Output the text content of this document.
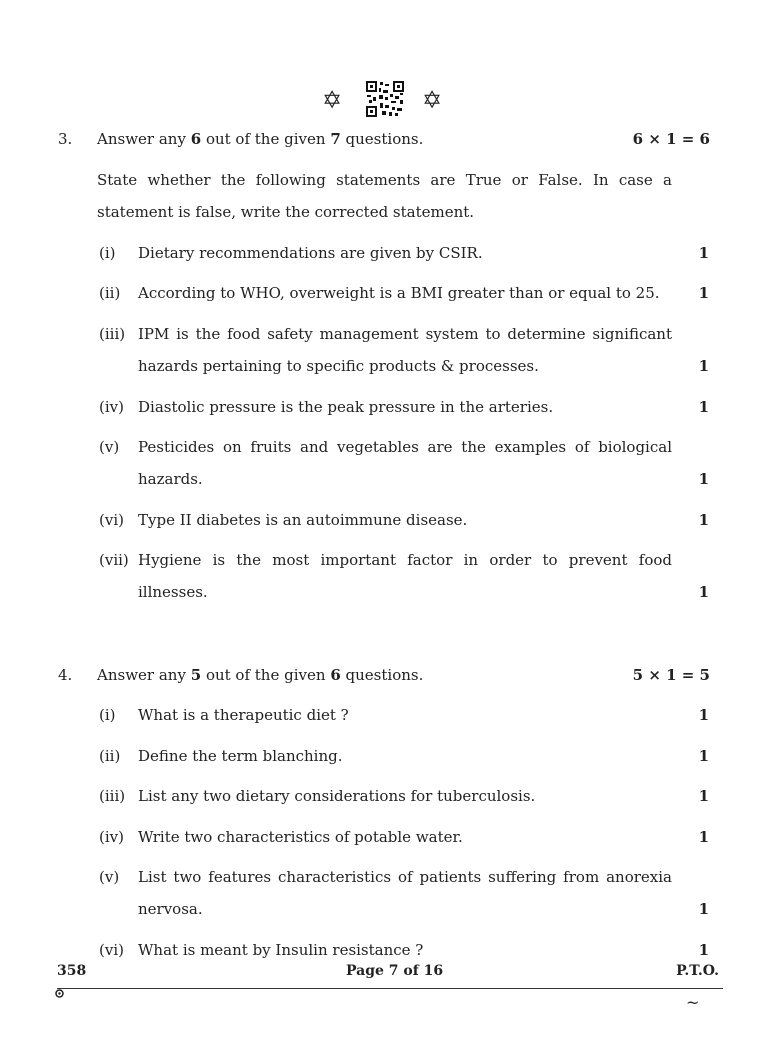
✡	✡
3. Answer any 6 out of the given 7 questions.	6 × 1 = 6
State whether the following statements are True or False. In case a
statement is false, write the corrected statement.
(i) Dietary recommendations are given by CSIR.	1
(ii) According to WHO, overweight is a BMI greater than or equal to 25.	1
(iii) IPM is the food safety management system to determine significant
hazards pertaining to specific products & processes.	1
(iv) Diastolic pressure is the peak pressure in the arteries.	1
(v) Pesticides on fruits and vegetables are the examples of biological
hazards.	1
(vi) Type II diabetes is an autoimmune disease.	1
(vii) Hygiene is the most important factor in order to prevent food
illnesses.	1
4. Answer any 5 out of the given 6 questions.	5 × 1 = 5
(i) What is a therapeutic diet ?	1
(ii) Define the term blanching.	1
(iii) List any two dietary considerations for tuberculosis.	1
(iv) Write two characteristics of potable water.	1
(v) List two features characteristics of patients suffering from anorexia
nervosa.	1
(vi) What is meant by Insulin resistance ?	1
358	Page 7 of 16	P.T.O.
~
